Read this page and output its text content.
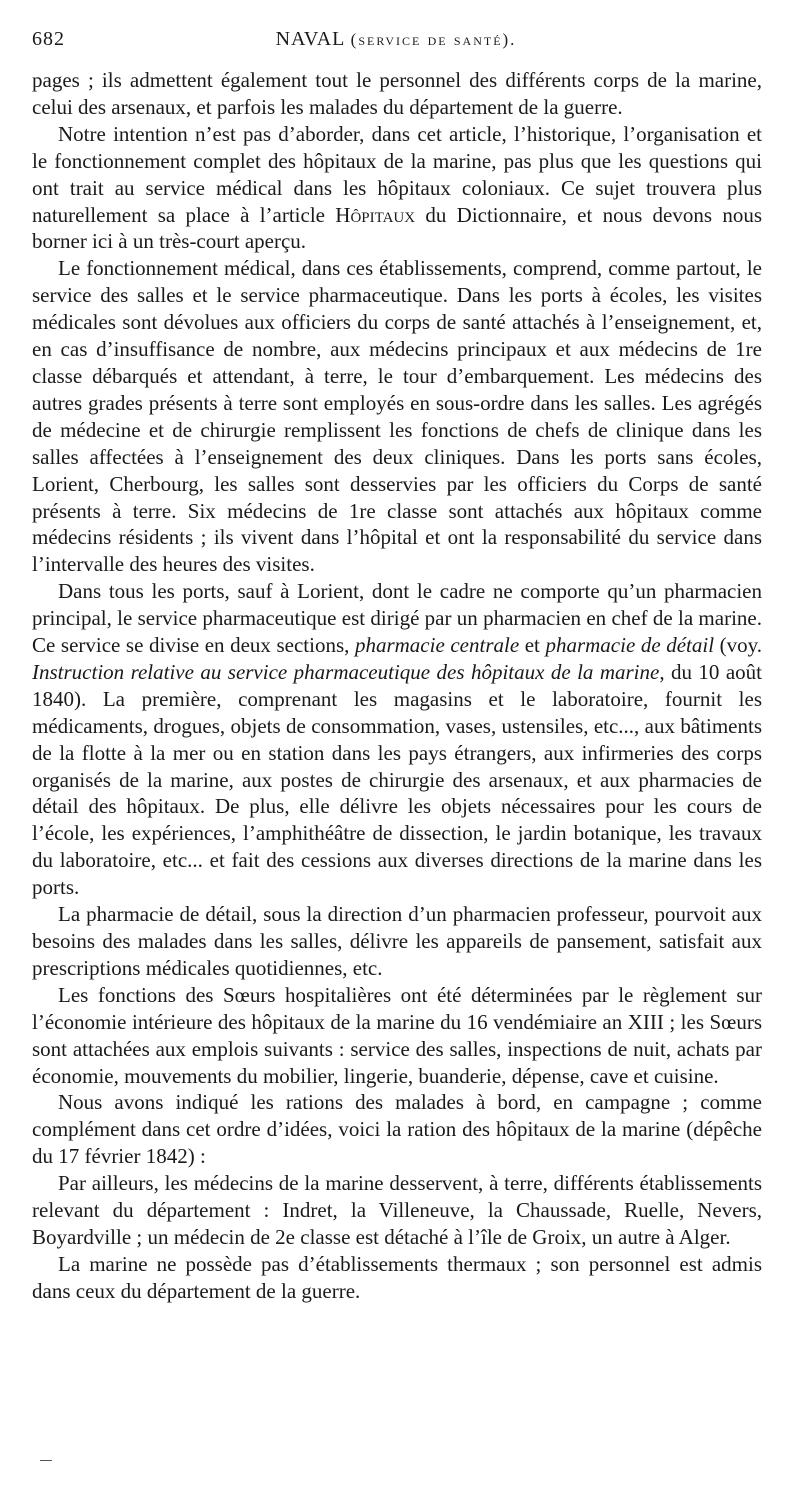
682	NAVAL (service de santé).

pages ; ils admettent également tout le personnel des différents corps de la marine, celui des arsenaux, et parfois les malades du département de la guerre.

Notre intention n’est pas d’aborder, dans cet article, l’historique, l’organisation et le fonctionnement complet des hôpitaux de la marine, pas plus que les questions qui ont trait au service médical dans les hôpitaux coloniaux. Ce sujet trouvera plus naturellement sa place à l’article Hôpitaux du Dictionnaire, et nous devons nous borner ici à un très-court aperçu.

Le fonctionnement médical, dans ces établissements, comprend, comme partout, le service des salles et le service pharmaceutique. Dans les ports à écoles, les visites médicales sont dévolues aux officiers du corps de santé attachés à l’enseignement, et, en cas d’insuffisance de nombre, aux médecins principaux et aux médecins de 1re classe débarqués et attendant, à terre, le tour d’embarquement. Les médecins des autres grades présents à terre sont employés en sous-ordre dans les salles. Les agrégés de médecine et de chirurgie remplissent les fonctions de chefs de clinique dans les salles affectées à l’enseignement des deux cliniques. Dans les ports sans écoles, Lorient, Cherbourg, les salles sont desservies par les officiers du Corps de santé présents à terre. Six médecins de 1re classe sont attachés aux hôpitaux comme médecins résidents ; ils vivent dans l’hôpital et ont la responsabilité du service dans l’intervalle des heures des visites.

Dans tous les ports, sauf à Lorient, dont le cadre ne comporte qu’un pharmacien principal, le service pharmaceutique est dirigé par un pharmacien en chef de la marine. Ce service se divise en deux sections, pharmacie centrale et pharmacie de détail (voy. Instruction relative au service pharmaceutique des hôpitaux de la marine, du 10 août 1840). La première, comprenant les magasins et le laboratoire, fournit les médicaments, drogues, objets de consommation, vases, ustensiles, etc..., aux bâtiments de la flotte à la mer ou en station dans les pays étrangers, aux infirmeries des corps organisés de la marine, aux postes de chirurgie des arsenaux, et aux pharmacies de détail des hôpitaux. De plus, elle délivre les objets nécessaires pour les cours de l’école, les expériences, l’amphithéâtre de dissection, le jardin botanique, les travaux du laboratoire, etc... et fait des cessions aux diverses directions de la marine dans les ports.

La pharmacie de détail, sous la direction d’un pharmacien professeur, pourvoit aux besoins des malades dans les salles, délivre les appareils de pansement, satisfait aux prescriptions médicales quotidiennes, etc.

Les fonctions des Sœurs hospitalières ont été déterminées par le règlement sur l’économie intérieure des hôpitaux de la marine du 16 vendémiaire an XIII ; les Sœurs sont attachées aux emplois suivants : service des salles, inspections de nuit, achats par économie, mouvements du mobilier, lingerie, buanderie, dépense, cave et cuisine.

Nous avons indiqué les rations des malades à bord, en campagne ; comme complément dans cet ordre d’idées, voici la ration des hôpitaux de la marine (dépêche du 17 février 1842) :

Par ailleurs, les médecins de la marine desservent, à terre, différents établissements relevant du département : Indret, la Villeneuve, la Chaussade, Ruelle, Nevers, Boyardville ; un médecin de 2e classe est détaché à l’île de Groix, un autre à Alger.

La marine ne possède pas d’établissements thermaux ; son personnel est admis dans ceux du département de la guerre.
